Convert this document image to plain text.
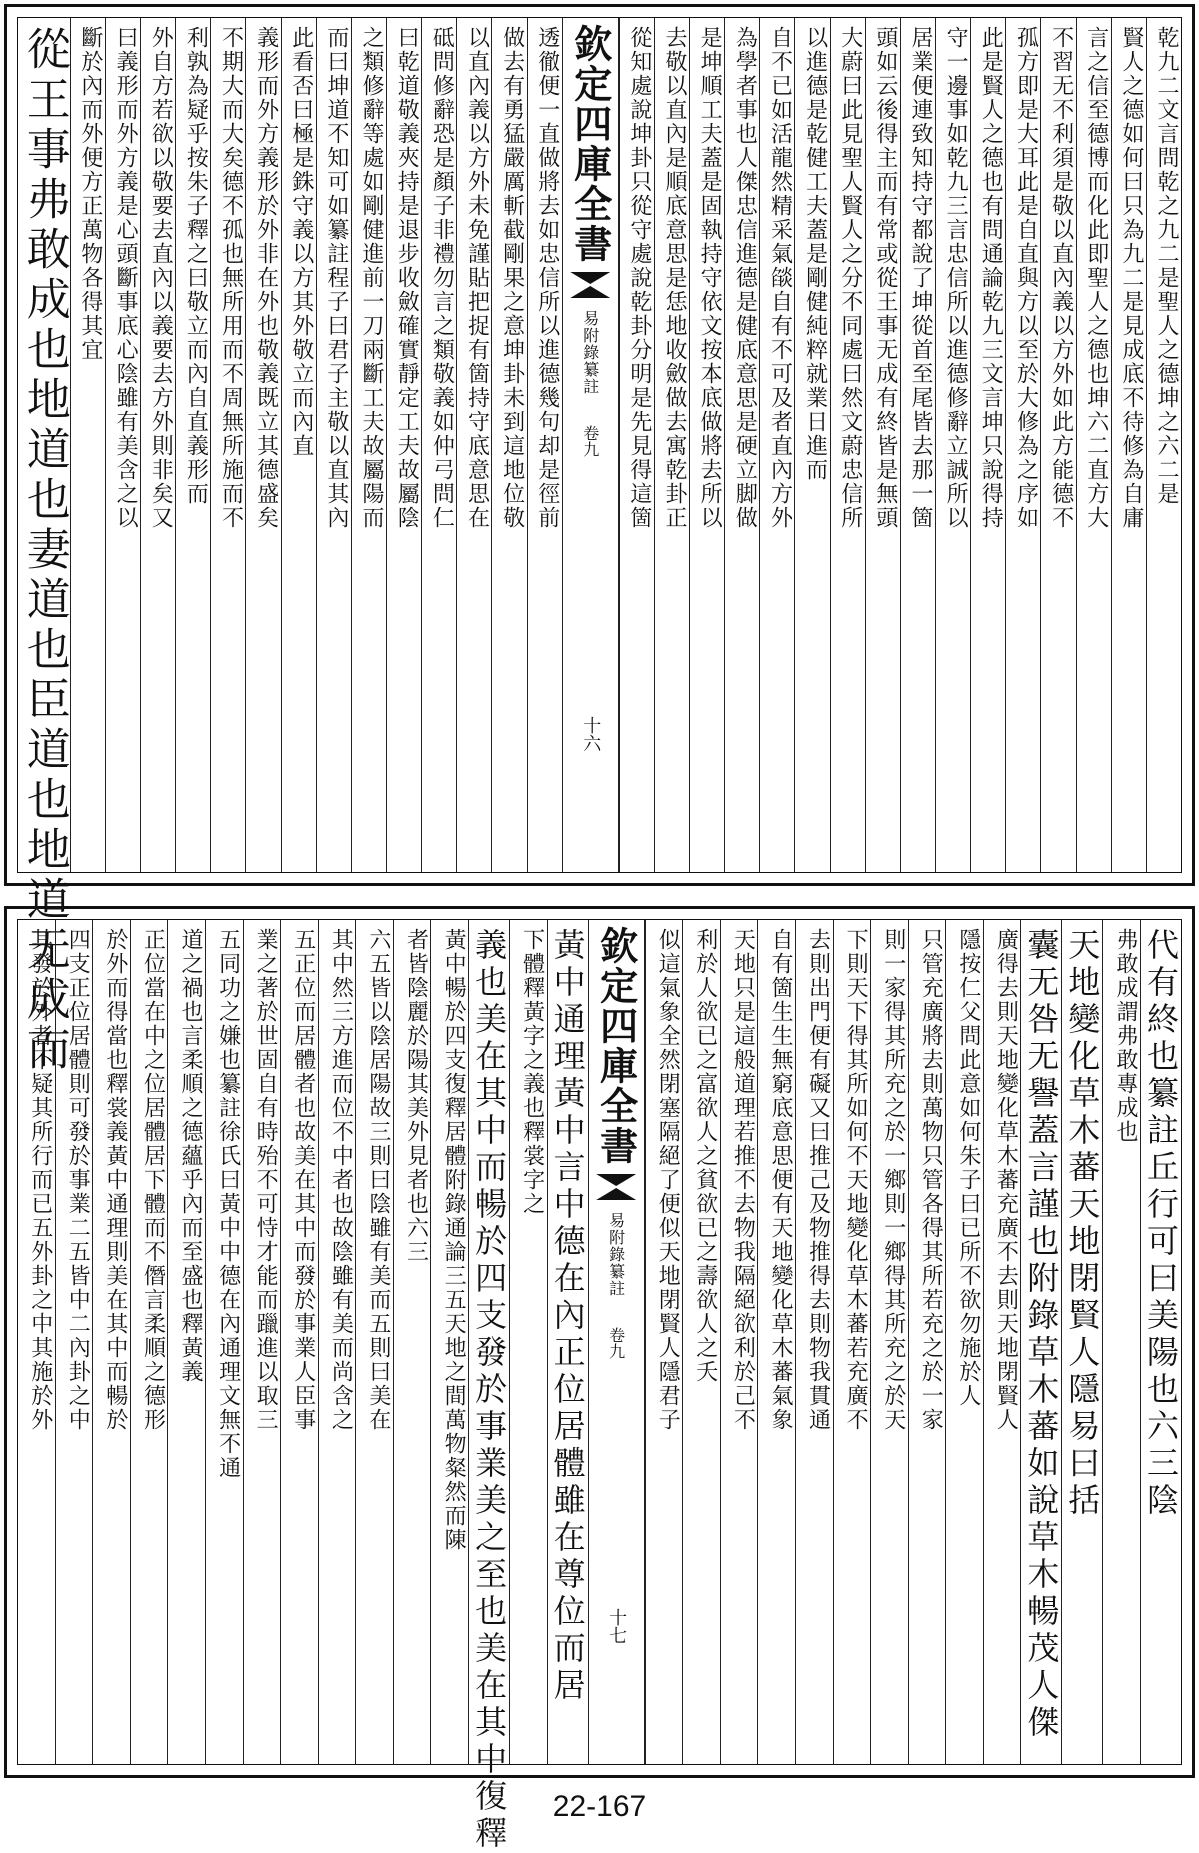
乾九二文言問乾之九二是聖人之德坤之六二是
賢人之德如何曰只為九二是見成底不待修為自庸
言之信至德博而化此即聖人之德也坤六二直方大
不習无不利須是敬以直內義以方外如此方能德不
孤方即是大耳此是自直與方以至於大修為之序如
此是賢人之德也有問通論乾九三文言坤只說得持
守一邊事如乾九三言忠信所以進德修辭立誠所以
居業便連致知持守都說了坤從首至尾皆去那一箇
頭如云後得主而有常或從王事无成有終皆是無頭
大蔚曰此見聖人賢人之分不同處曰然文蔚忠信所
以進德是乾健工夫蓋是剛健純粹就業日進而
自不已如活龍然精采氣燄自有不可及者直內方外
為學者事也人傑忠信進德是健底意思是硬立脚做
是坤順工夫蓋是固執持守依文按本底做將去所以
去敬以直內是順底意思是恁地收斂做去寓乾卦正
從知處說坤卦只從守處說乾卦分明是先見得這箇
欽定四庫全書
易附錄纂註
卷九
十六
透徹便一直做將去如忠信所以進德幾句却是徑前
做去有勇猛嚴厲斬截剛果之意坤卦未到這地位敬
以直內義以方外未免謹貼把捉有箇持守底意思在
砥問修辭恐是顏子非禮勿言之類敬義如仲弓問仁
曰乾道敬義夾持是退步收斂確實靜定工夫故屬陰
之類修辭等處如剛健進前一刀兩斷工夫故屬陽而
而曰坤道不知可如纂註程子曰君子主敬以直其內
此看否曰極是銖守義以方其外敬立而內直
義形而外方義形於外非在外也敬義既立其德盛矣
不期大而大矣德不孤也無所用而不周無所施而不
利孰為疑乎按朱子釋之曰敬立而內自直義形而
外自方若欲以敬要去直內以義要去方外則非矣又
曰義形而外方義是心頭斷事底心陰雖有美含之以
斷於內而外便方正萬物各得其宜
從王事弗敢成也地道也妻道也臣道也地道无成而
代有終也纂註丘行可曰美陽也六三陰
弗敢成謂弗敢專成也
天地變化草木蕃天地閉賢人隱易曰括
囊无咎无譽蓋言謹也附錄草木蕃如說草木暢茂人傑
廣得去則天地變化草木蕃充廣不去則天地閉賢人
隱按仁父問此意如何朱子曰已所不欲勿施於人
只管充廣將去則萬物只管各得其所若充之於一家
則一家得其所充之於一鄉則一鄉得其所充之於天
下則天下得其所如何不天地變化草木蕃若充廣不
去則出門便有礙又曰推己及物推得去則物我貫通
自有箇生生無窮底意思便有天地變化草木蕃氣象
天地只是這般道理若推不去物我隔絕欲利於己不
利於人欲已之富欲人之貧欲已之壽欲人之夭
似這氣象全然閉塞隔絕了便似天地閉賢人隱君子
欽定四庫全書
易附錄纂註
卷九
十七
黃中通理黃中言中德在內正位居體雖在尊位而居
下體釋黃字之義也釋裳字之
義也美在其中而暢於四支發於事業美之至也美在其中復釋
黃中暢於四支復釋居體附錄通論三五天地之間萬物粲然而陳
者皆陰麗於陽其美外見者也六三
六五皆以陰居陽故三則曰陰雖有美而五則曰美在
其中然三方進而位不中者也故陰雖有美而尚含之
五正位而居體者也故美在其中而發於事業人臣事
業之著於世固自有時殆不可恃才能而躐進以取三
五同功之嫌也纂註徐氏曰黃中中德在內通理文無不通
道之禍也言柔順之德蘊乎內而至盛也釋黃義
正位當在中之位居體居下體而不僭言柔順之德形
於外而得當也釋裳義黃中通理則美在其中而暢於
四支正位居體則可發於事業二五皆中二內卦之中
其發於外者不疑其所行而已五外卦之中其施於外
22-167
